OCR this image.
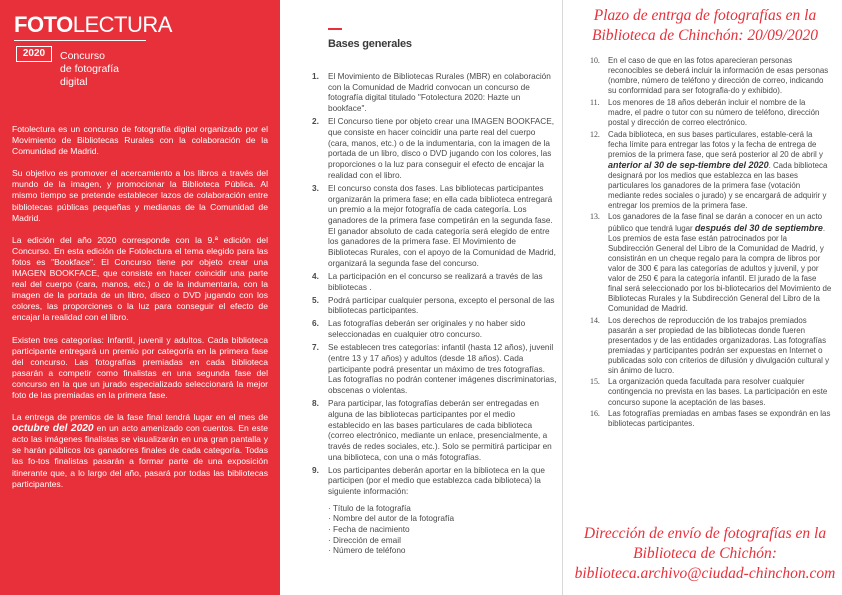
FOTOLECTURA
2020	Concurso
de fotografía
digital

Fotolectura es un concurso de fotografía digital organizado por el Movimiento de Bibliotecas Rurales con la colaboración de la Comunidad de Madrid.

Su objetivo es promover el acercamiento a los libros a través del mundo de la imagen, y promocionar la Biblioteca Pública. Al mismo tiempo se pretende establecer lazos de colaboración entre bibliotecas públicas pequeñas y medianas de la Comunidad de Madrid.

La edición del año 2020 corresponde con la 9.ª edición del Concurso. En esta edición de Fotolectura el tema elegido para las fotos es "Bookface". El Concurso tiene por objeto crear una IMAGEN BOOKFACE, que consiste en hacer coincidir una parte real del cuerpo (cara, manos, etc.) o de la indumentaria, con la imagen de la portada de un libro, disco o DVD jugando con los colores, las proporciones o la luz para conseguir el efecto de encajar la realidad con el libro.

Existen tres categorías: Infantil, juvenil y adultos. Cada biblioteca participante entregará un premio por categoría en la primera fase del concurso. Las fotografías premiadas en cada biblioteca pasarán a competir como finalistas en una segunda fase del concurso en la que un jurado especializado seleccionará la mejor foto de las premiadas en la primera fase.

La entrega de premios de la fase final tendrá lugar en el mes de octubre del 2020 en un acto amenizado con cuentos. En este acto las imágenes finalistas se visualizarán en una gran pantalla y se harán públicos los ganadores finales de cada categoría. Todas las fo-tos finalistas pasarán a formar parte de una exposición itinerante que, a lo largo del año, pasará por todas las bibliotecas participantes.

Bases generales
1. El Movimiento de Bibliotecas Rurales (MBR) en colaboración con la Comunidad de Madrid convocan un concurso de fotografía digital titulado "Fotolectura 2020: Hazte un bookface".
2. El Concurso tiene por objeto crear una IMAGEN BOOKFACE, que consiste en hacer coincidir una parte real del cuerpo (cara, manos, etc.) o de la indumentaria, con la imagen de la portada de un libro, disco o DVD jugando con los colores, las proporciones o la luz para conseguir el efecto de encajar la realidad con el libro.
3. El concurso consta dos fases. Las bibliotecas participantes organizarán la primera fase; en ella cada biblioteca entregará un premio a la mejor fotografía de cada categoría. Los ganadores de la primera fase competirán en la segunda fase. El ganador absoluto de cada categoría será elegido de entre los ganadores de la primera fase. El Movimiento de Bibliotecas Rurales, con el apoyo de la Comunidad de Madrid, organizará la segunda fase del concurso.
4. La participación en el concurso se realizará a través de las bibliotecas .
5. Podrá participar cualquier persona, excepto el personal de las bibliotecas participantes.
6. Las fotografías deberán ser originales y no haber sido seleccionadas en cualquier otro concurso.
7. Se establecen tres categorías: infantil (hasta 12 años), juvenil (entre 13 y 17 años) y adultos (desde 18 años). Cada participante podrá presentar un máximo de tres fotografías. Las fotografías no podrán contener imágenes discriminatorias, obscenas o violentas.
8. Para participar, las fotografías deberán ser entregadas en alguna de las bibliotecas participantes por el medio establecido en las bases particulares de cada biblioteca (correo electrónico, mediante un enlace, presencialmente, a través de redes sociales, etc.). Solo se permitirá participar en una biblioteca, con una o más fotografías.
9. Los participantes deberán aportar en la biblioteca en la que participen (por el medio que establezca cada biblioteca) la siguiente información:
· Título de la fotografía
· Nombre del autor de la fotografía
· Fecha de nacimiento
· Dirección de email
· Número de teléfono
Plazo de entrga de fotografías en la
Biblioteca de Chinchón: 20/09/2020
10. En el caso de que en las fotos aparecieran personas reconocibles se deberá incluir la información de esas personas (nombre, número de teléfono y dirección de correo, indicando su conformidad para ser fotografia-do y exhibido).
11. Los menores de 18 años deberán incluir el nombre de la madre, el padre o tutor con su número de teléfono, dirección postal y dirección de correo electrónico.
12. Cada biblioteca, en sus bases particulares, estable-cerá la fecha límite para entregar las fotos y la fecha de entrega de premios de la primera fase, que será posterior al 20 de abril y anterior al 30 de sep-tiembre del 2020. Cada biblioteca designará por los medios que establezca en las bases particulares los ganadores de la primera fase (votación mediante redes sociales o jurado) y se encargará de adquirir y entregar los premios de la primera fase.
13. Los ganadores de la fase final se darán a conocer en un acto público que tendrá lugar después del 30 de septiembre. Los premios de esta fase están patrocinados por la Subdirección General del Libro de la Comunidad de Madrid, y consistirán en un cheque regalo para la compra de libros por valor de 300 € para las categorías de adultos y juvenil, y por valor de 250 € para la categoría infantil. El jurado de la fase final será seleccionado por los bi-bliotecarios del Movimiento de Bibliotecas Rurales y la Subdirección General del Libro de la Comunidad de Madrid.
14. Los derechos de reproducción de los trabajos premiados pasarán a ser propiedad de las bibliotecas donde fueren presentados y de las entidades organizadoras. Las fotografías premiadas y participantes podrán ser expuestas en Internet o publicadas solo con criterios de difusión y divulgación cultural y sin ánimo de lucro.
15. La organización queda facultada para resolver cualquier contingencia no prevista en las bases. La participación en este concurso supone la aceptación de las bases.
16. Las fotografías premiadas en ambas fases se expondrán en las bibliotecas participantes.
Dirección de envío de fotografías en la
Biblioteca de Chichón:
biblioteca.archivo@ciudad-chinchon.com
